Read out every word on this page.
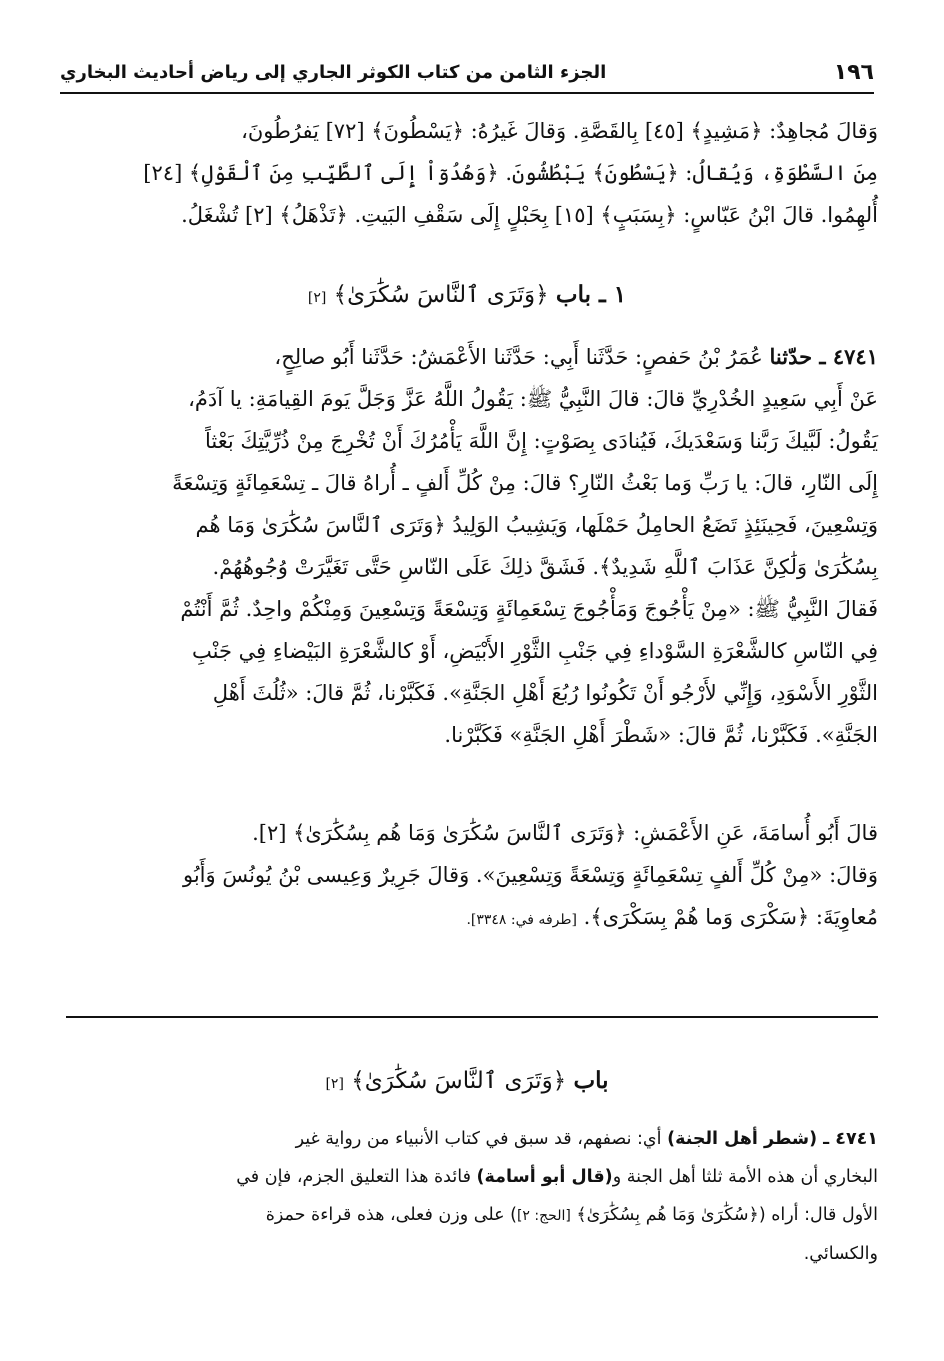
الجزء الثامن من كتاب الكوثر الجاري إلى رياض أحاديث البخاري	١٩٦
وَقالَ مُجاهِدٌ: ﴿مَشِيدٍ﴾ [٤٥] بِالقَصَّةِ. وَقالَ غَيرُهُ: ﴿يَسْطُونَ﴾ [٧٢] يَفرُطُونَ،
مِنَ السَّطْوَةِ، وَيُقالُ: ﴿يَسْطُونَ﴾ يَبْطُشُونَ. ﴿وَهُدُوٓاْ إِلَى ٱلطَّيِّبِ مِنَ ٱلْقَوْلِ﴾ [٢٤]
أُلهِمُوا. قالَ ابْنُ عَبّاسٍ: ﴿بِسَبَبٍ﴾ [١٥] بِحَبْلٍ إِلَى سَقْفِ البَيتِ. ﴿تَذْهَلُ﴾ [٢] تُشْغَلُ.
١ ـ باب ﴿وَتَرَى ٱلنَّاسَ سُكَٰرَىٰ﴾ [٢]
٤٧٤١ ـ حدّثنا عُمَرُ بْنُ حَفصٍ: حَدَّثَنا أَبِي: حَدَّثَنا الأَعْمَشُ: حَدَّثَنا أَبُو صالِحٍ،
عَنْ أَبِي سَعِيدٍ الخُدْرِيِّ قالَ: قالَ النَّبِيُّ ﷺ: يَقُولُ اللَّهُ عَزَّ وَجَلَّ يَومَ القِيامَةِ: يا آدَمُ،
يَقُولُ: لَبَّيكَ رَبَّنا وَسَعْدَيكَ، فَيُنادَى بِصَوْتٍ: إِنَّ اللَّهَ يَأْمُرُكَ أَنْ تُخْرِجَ مِنْ ذُرِّيَّتِكَ بَعْثاً
إِلَى النّارِ، قالَ: يا رَبِّ وَما بَعْثُ النّارِ؟ قالَ: مِنْ كُلِّ أَلفٍ ـ أُراهُ قالَ ـ تِسْعَمِائَةٍ وَتِسْعَةً
وَتِسْعِينَ، فَحِينَئِذٍ تَضَعُ الحامِلُ حَمْلَها، وَيَشِيبُ الوَلِيدُ ﴿وَتَرَى ٱلنَّاسَ سُكَٰرَىٰ وَمَا هُم
بِسُكَٰرَىٰ وَلَٰكِنَّ عَذَابَ ٱللَّهِ شَدِيدٌ﴾. فَشَقَّ ذلِكَ عَلَى النّاسِ حَتَّى تَغَيَّرَتْ وُجُوهُهُمْ.
فَقالَ النَّبِيُّ ﷺ: «مِنْ يَأْجُوجَ وَمَأْجُوجَ تِسْعَمِائَةٍ وَتِسْعَةً وَتِسْعِينَ وَمِنْكُمْ واحِدٌ. ثُمَّ أَنْتُمْ
فِي النّاسِ كالشَّعْرَةِ السَّوْداءِ فِي جَنْبِ الثَّوْرِ الأَبْيَضِ، أَوْ كالشَّعْرَةِ البَيْضاءِ فِي جَنْبِ
الثَّوْرِ الأَسْوَدِ، وَإِنِّي لأَرْجُو أَنْ تَكُونُوا رُبُعَ أَهْلِ الجَنَّةِ». فَكَبَّرْنا، ثُمَّ قالَ: «ثُلُثَ أَهْلِ
الجَنَّةِ». فَكَبَّرْنا، ثُمَّ قالَ: «شَطْرَ أَهْلِ الجَنَّةِ» فَكَبَّرْنا.
قالَ أَبُو أُسامَةَ، عَنِ الأَعْمَشِ: ﴿وَتَرَى ٱلنَّاسَ سُكَٰرَىٰ وَمَا هُم بِسُكَٰرَىٰ﴾ [٢].
وَقالَ: «مِنْ كُلِّ أَلفٍ تِسْعَمِائَةٍ وَتِسْعَةً وَتِسْعِينَ». وَقالَ جَرِيرٌ وَعِيسى بْنُ يُونُسَ وَأَبُو
مُعاوِيَةَ: ﴿سَكْرَى وَما هُمْ بِسَكْرَى﴾. [طرفه في: ٣٣٤٨].
باب ﴿وَتَرَى ٱلنَّاسَ سُكَٰرَىٰ﴾ [٢]
٤٧٤١ ـ (شطر أهل الجنة) أي: نصفهم، قد سبق في كتاب الأنبياء من رواية غير
البخاري أن هذه الأمة ثلثا أهل الجنة و(قال أبو أسامة) فائدة هذا التعليق الجزم، فإن في
الأول قال: أراه (﴿سُكَٰرَىٰ وَمَا هُم بِسُكَٰرَىٰ﴾ [الحج: ٢]) على وزن فعلى، هذه قراءة حمزة
والكسائي.
